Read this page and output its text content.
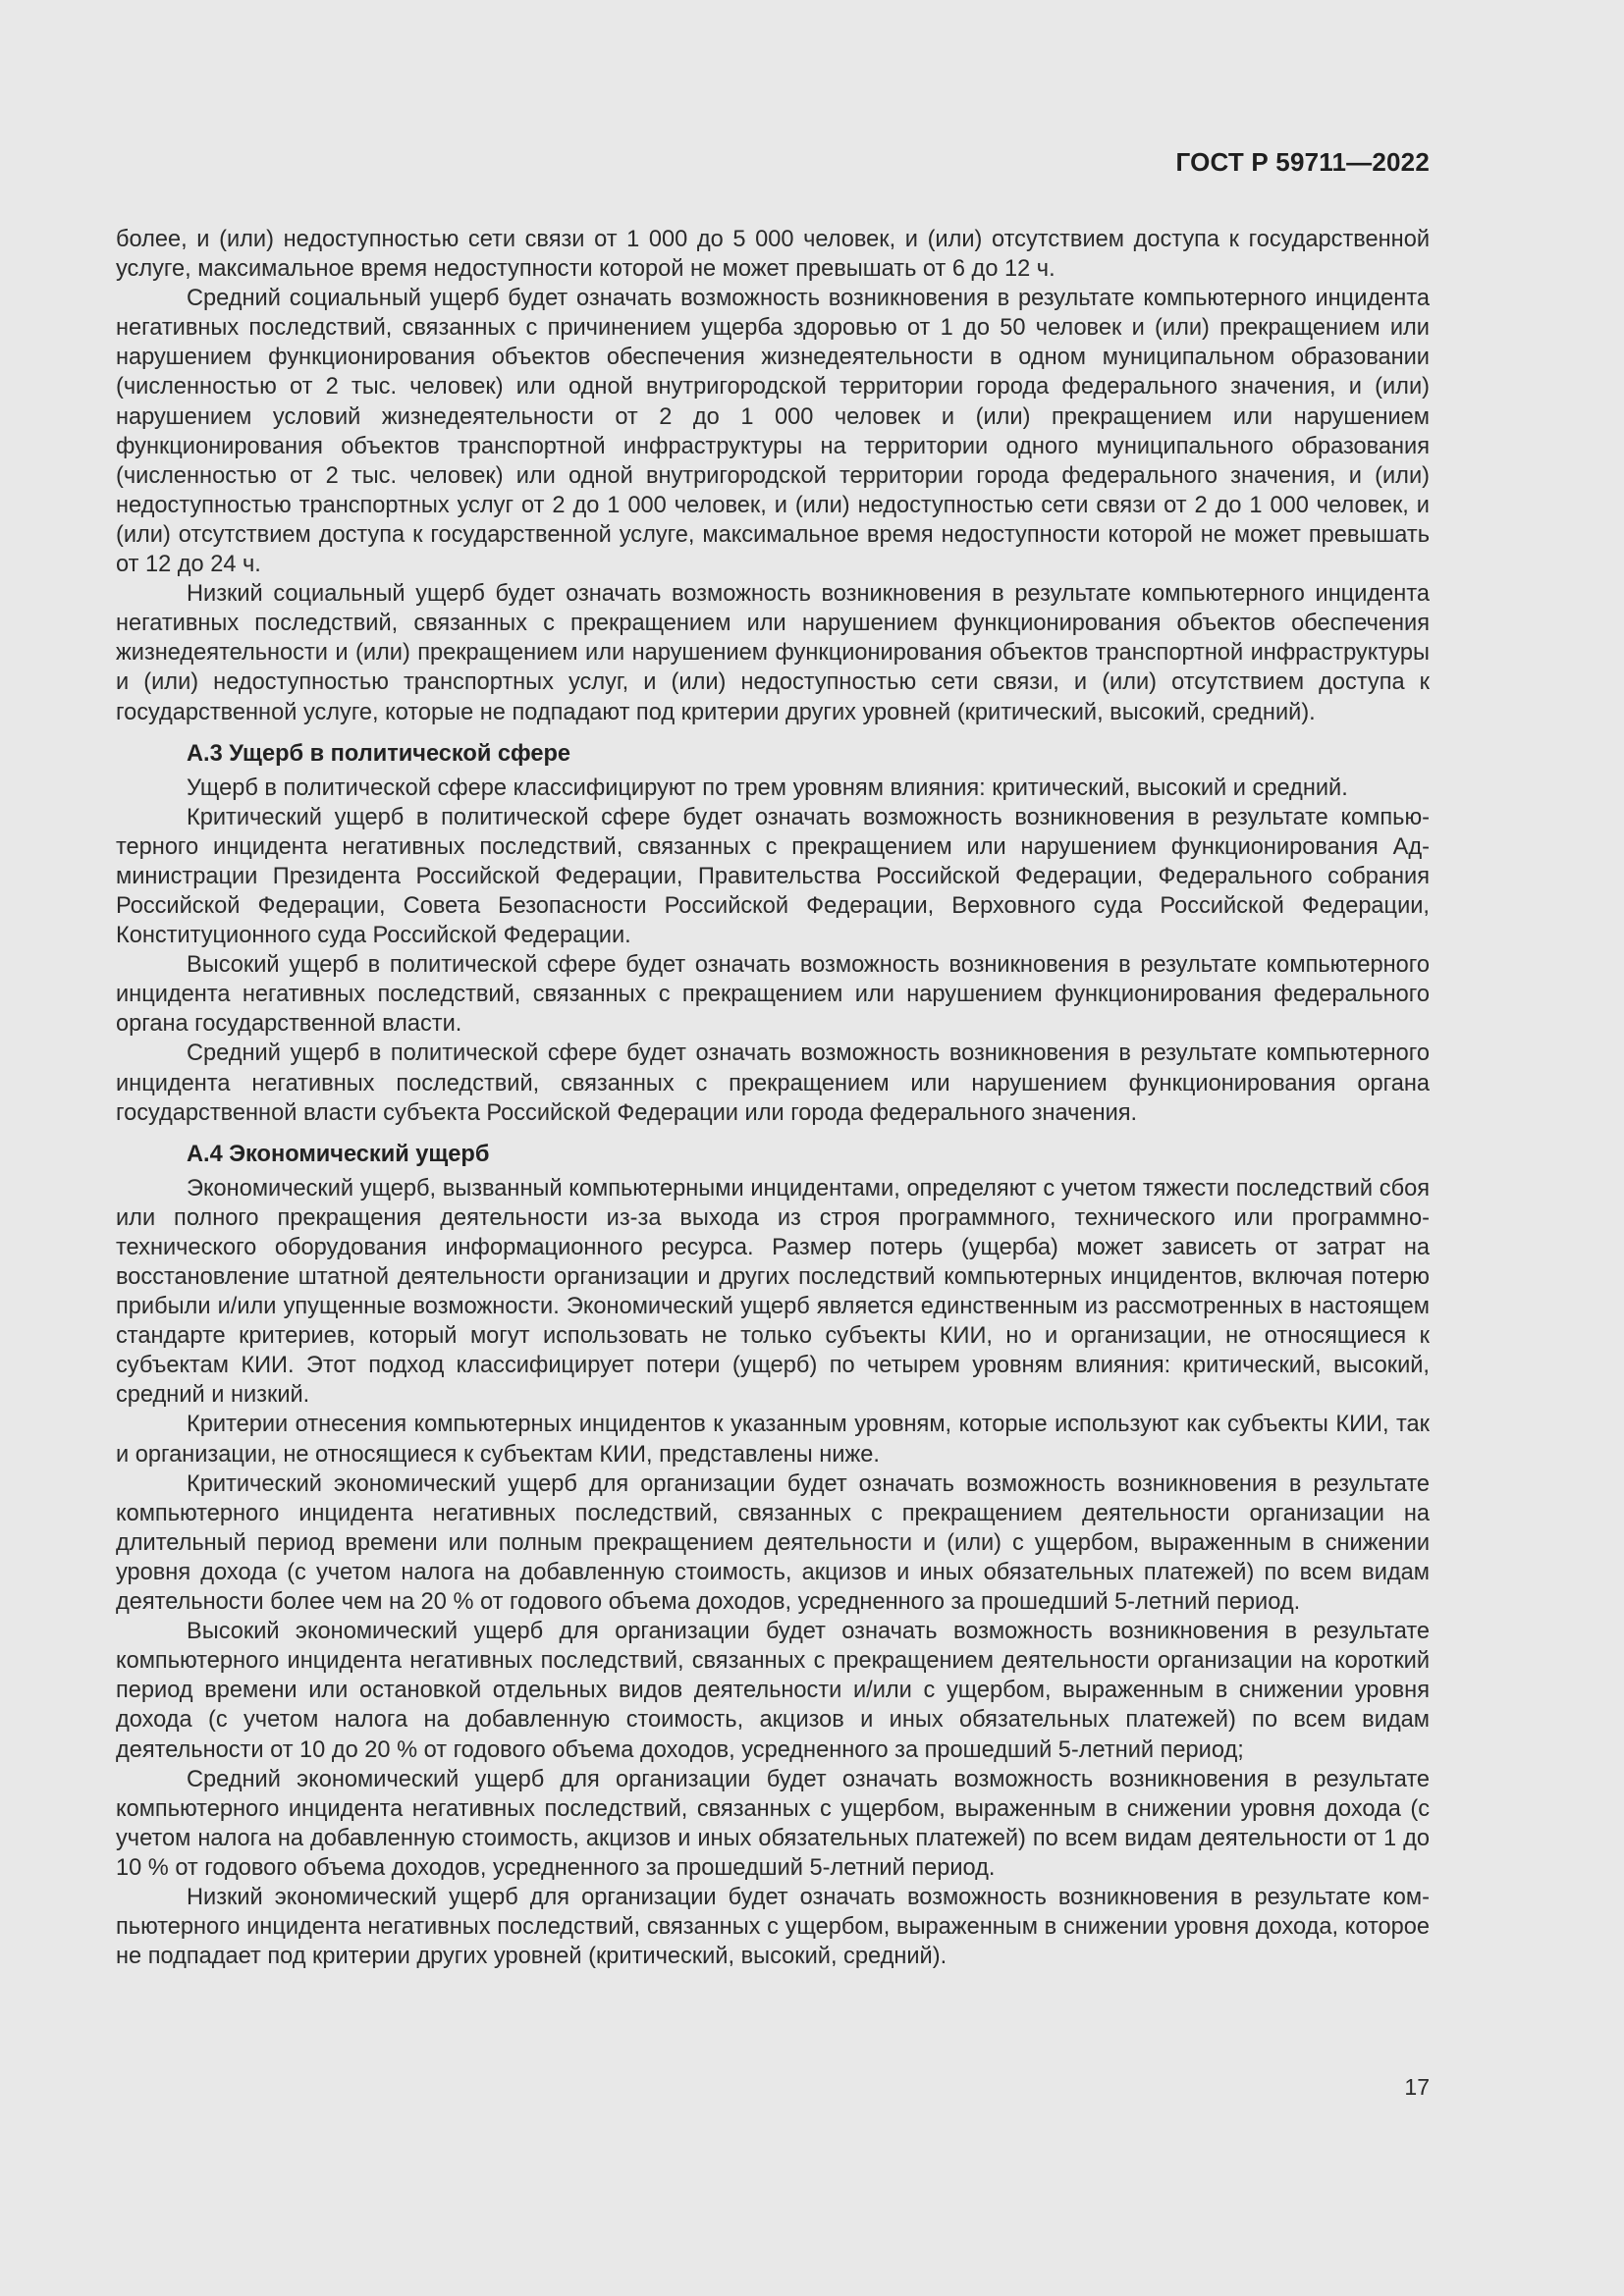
ГОСТ Р 59711—2022

более, и (или) недоступностью сети связи от 1 000 до 5 000 человек, и (или) отсутствием доступа к государственной услуге, максимальное время недоступности которой не может превышать от 6 до 12 ч.

Средний социальный ущерб будет означать возможность возникновения в результате компьютерного инцидента негативных последствий, связанных с причинением ущерба здоровью от 1 до 50 человек и (или) прекращением или нарушением функционирования объектов обеспечения жизнедеятельности в одном муниципальном образовании (численностью от 2 тыс. человек) или одной внутригородской территории города федерального значения, и (или) нарушением условий жизнедеятельности от 2 до 1 000 человек и (или) прекращением или нарушением функционирования объектов транспортной инфраструктуры на территории одного муниципального образования (численностью от 2 тыс. человек) или одной внутригородской территории города федерального значения, и (или) недоступностью транспортных услуг от 2 до 1 000 человек, и (или) недоступностью сети связи от 2 до 1 000 человек, и (или) отсутствием доступа к государственной услуге, максимальное время недоступности которой не может превышать от 12 до 24 ч.

Низкий социальный ущерб будет означать возможность возникновения в результате компьютерного инцидента негативных последствий, связанных с прекращением или нарушением функционирования объектов обеспечения жизнедеятельности и (или) прекращением или нарушением функционирования объектов транспортной инфраструктуры и (или) недоступностью транспортных услуг, и (или) недоступностью сети связи, и (или) отсутствием доступа к государственной услуге, которые не подпадают под критерии других уровней (критический, высокий, средний).

А.3 Ущерб в политической сфере

Ущерб в политической сфере классифицируют по трем уровням влияния: критический, высокий и средний.

Критический ущерб в политической сфере будет означать возможность возникновения в результате компьютерного инцидента негативных последствий, связанных с прекращением или нарушением функционирования Администрации Президента Российской Федерации, Правительства Российской Федерации, Федерального собрания Российской Федерации, Совета Безопасности Российской Федерации, Верховного суда Российской Федерации, Конституционного суда Российской Федерации.

Высокий ущерб в политической сфере будет означать возможность возникновения в результате компьютерного инцидента негативных последствий, связанных с прекращением или нарушением функционирования федерального органа государственной власти.

Средний ущерб в политической сфере будет означать возможность возникновения в результате компьютерного инцидента негативных последствий, связанных с прекращением или нарушением функционирования органа государственной власти субъекта Российской Федерации или города федерального значения.

А.4 Экономический ущерб

Экономический ущерб, вызванный компьютерными инцидентами, определяют с учетом тяжести последствий сбоя или полного прекращения деятельности из-за выхода из строя программного, технического или программно-технического оборудования информационного ресурса. Размер потерь (ущерба) может зависеть от затрат на восстановление штатной деятельности организации и других последствий компьютерных инцидентов, включая потерю прибыли и/или упущенные возможности. Экономический ущерб является единственным из рассмотренных в настоящем стандарте критериев, который могут использовать не только субъекты КИИ, но и организации, не относящиеся к субъектам КИИ. Этот подход классифицирует потери (ущерб) по четырем уровням влияния: критический, высокий, средний и низкий.

Критерии отнесения компьютерных инцидентов к указанным уровням, которые используют как субъекты КИИ, так и организации, не относящиеся к субъектам КИИ, представлены ниже.

Критический экономический ущерб для организации будет означать возможность возникновения в результате компьютерного инцидента негативных последствий, связанных с прекращением деятельности организации на длительный период времени или полным прекращением деятельности и (или) с ущербом, выраженным в снижении уровня дохода (с учетом налога на добавленную стоимость, акцизов и иных обязательных платежей) по всем видам деятельности более чем на 20 % от годового объема доходов, усредненного за прошедший 5-летний период.

Высокий экономический ущерб для организации будет означать возможность возникновения в результате компьютерного инцидента негативных последствий, связанных с прекращением деятельности организации на короткий период времени или остановкой отдельных видов деятельности и/или с ущербом, выраженным в снижении уровня дохода (с учетом налога на добавленную стоимость, акцизов и иных обязательных платежей) по всем видам деятельности от 10 до 20 % от годового объема доходов, усредненного за прошедший 5-летний период;

Средний экономический ущерб для организации будет означать возможность возникновения в результате компьютерного инцидента негативных последствий, связанных с ущербом, выраженным в снижении уровня дохода (с учетом налога на добавленную стоимость, акцизов и иных обязательных платежей) по всем видам деятельности от 1 до 10 % от годового объема доходов, усредненного за прошедший 5-летний период.

Низкий экономический ущерб для организации будет означать возможность возникновения в результате компьютерного инцидента негативных последствий, связанных с ущербом, выраженным в снижении уровня дохода, которое не подпадает под критерии других уровней (критический, высокий, средний).

17
